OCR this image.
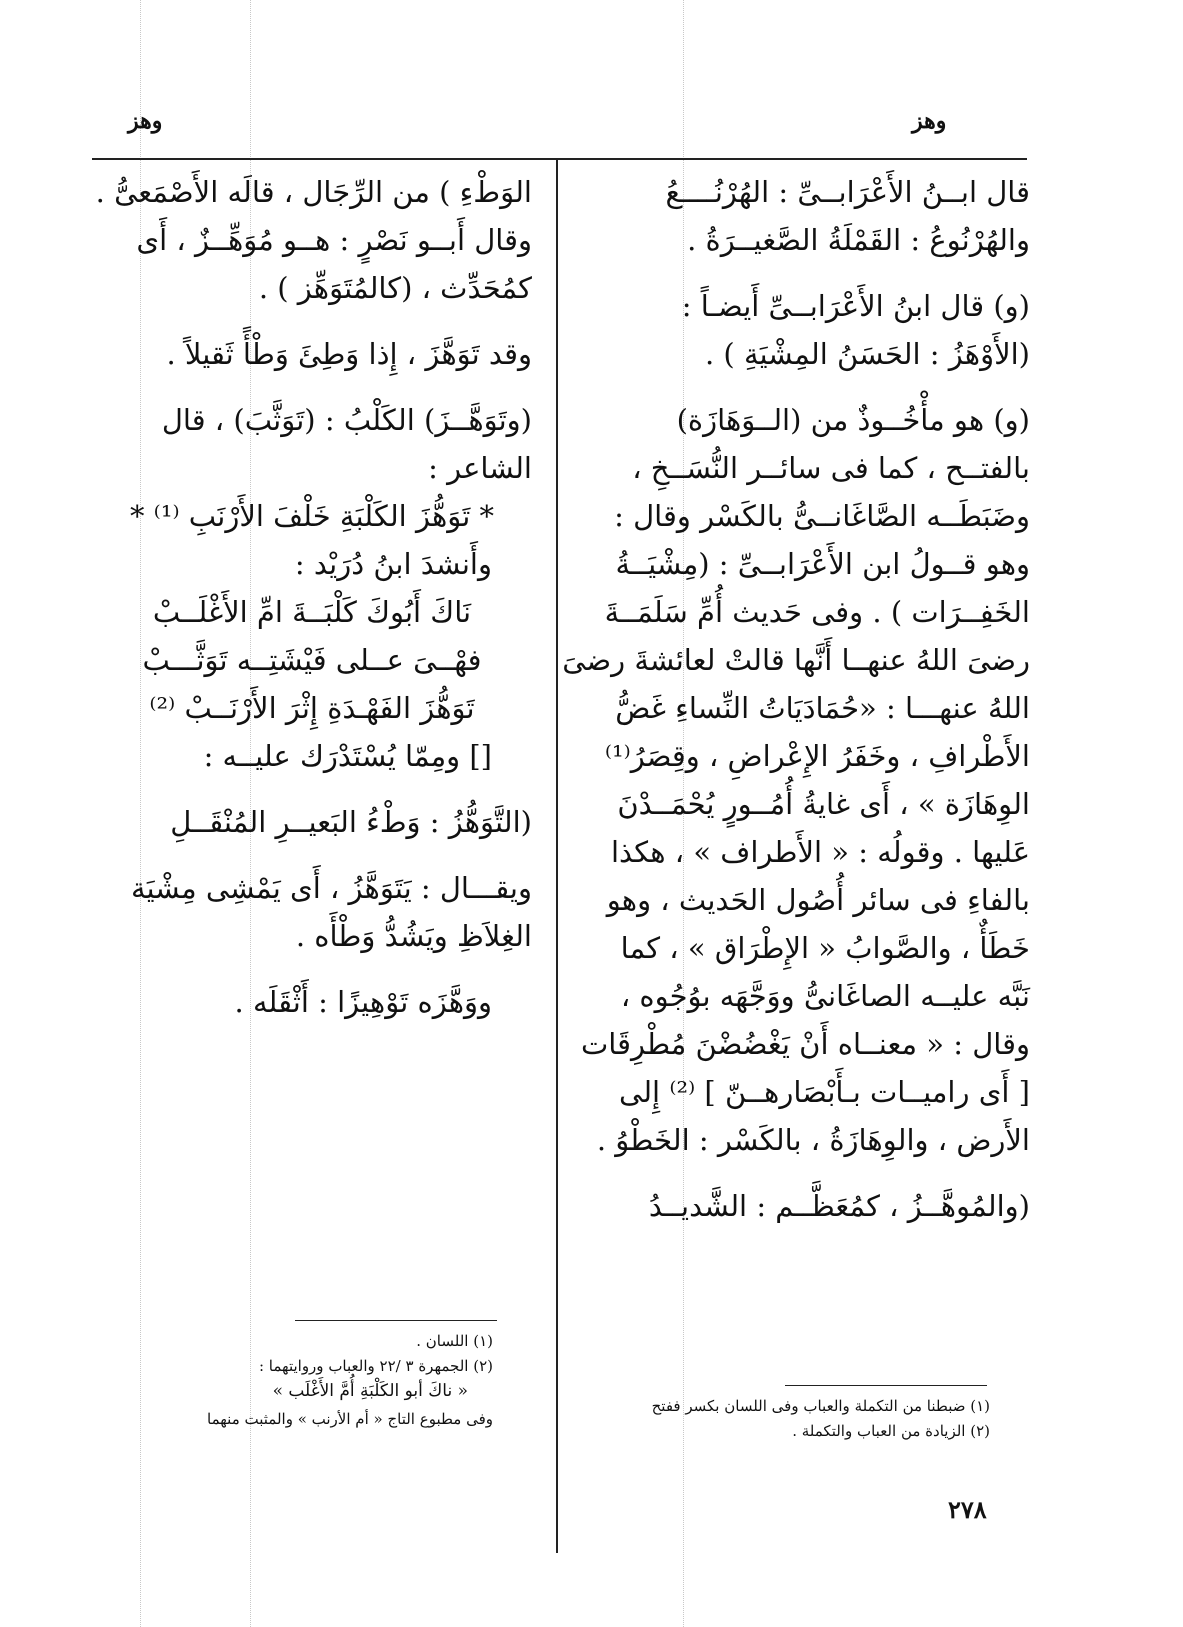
وهز
وهز

قال ابــنُ الأَعْرَابــىِّ : الهُرْنُــــعُ

والهُرْنُوعُ : القَمْلَةُ الصَّغيــرَةُ .

(و) قال ابنُ الأَعْرَابــىِّ أَيضـاً :

(الأَوْهَزُ : الحَسَنُ المِشْيَةِ ) .

(و) هو مأْخُــوذٌ من (الــوَهَازَة)

بالفتــح ، كما فى سائــر النُّسَــخِ ،

وضَبَطَــه الصَّاغَانــىُّ بالكَسْر وقال :

وهو قــولُ ابن الأَعْرَابــىِّ : (مِشْيَــةُ

الخَفِــرَات ) . وفى حَديث أُمِّ سَلَمَــةَ

رضىَ اللهُ عنهــا أَنَّها قالتْ لعائشةَ رضىَ

اللهُ عنهـــا : «حُمَادَيَاتُ النِّساءِ غَضُّ

الأَطْرافِ ، وخَفَرُ الإِعْراضِ ، وقِصَرُ⁽¹⁾

الوِهَازَة » ، أَى غايةُ أُمُــورٍ يُحْمَــدْنَ

عَليها . وقولُه : « الأَطراف » ، هكذا

بالفاءِ فى سائر أُصُول الحَديث ، وهو

خَطَأٌ ، والصَّوابُ « الإِطْرَاق » ، كما

نَبَّه عليــه الصاغَانىُّ ووَجَّهَه بوُجُوه ،

وقال : « معنــاه أَنْ يَغْضُضْنَ مُطْرِقَات

[ أَى راميــات بـأَبْصَارهــنّ ] ⁽²⁾ إِلى

الأَرض ، والوِهَازَةُ ، بالكَسْر : الخَطْوُ .

(والمُوهَّــزُ ، كمُعَظَّــم : الشَّديــدُ

الوَطْءِ ) من الرِّجَال ، قالَه الأَصْمَعىُّ .

وقال أَبــو نَصْرٍ : هــو مُوَهِّــزٌ ، أَى

كمُحَدِّث ، (كالمُتَوَهِّز ) .

وقد تَوَهَّزَ ، إِذا وَطِئَ وَطْأً ثَقيلاً .

(وتَوَهَّــزَ) الكَلْبُ : (تَوَثَّبَ) ، قال

الشاعر :

* تَوَهُّزَ الكَلْبَةِ خَلْفَ الأَرْنَبِ ⁽¹⁾ *

وأَنشدَ ابنُ دُرَيْد :

نَاكَ أَبُوكَ كَلْبَــةَ امِّ الأَغْلَــبْ

فهْــىَ عــلى فَيْشَتِــه تَوَثَّـــبْ

تَوَهُّزَ الفَهْـدَةِ إِثْرَ الأَرْنَــبْ ⁽²⁾

[] ومِمّا يُسْتَدْرَك عليــه :

(التَّوَهُّزُ : وَطْءُ البَعيــرِ المُنْقَــلِ

ويقـــال : يَتَوَهَّزُ ، أَى يَمْشِى مِشْيَة

الغِلاَظِ ويَشُدُّ وَطْأَه .

ووَهَّزَه تَوْهِيزًا : أَثْقَلَه .

(١) اللسان .
(٢) الجمهرة ٣ /٢٢ والعباب وروايتهما :
« ناكَ أبو الكَلْبَةِ أُمَّ الأَغْلَب »
وفى مطبوع التاج « أم الأرنب » والمثبت منهما
(١) ضبطنا من التكملة والعباب وفى اللسان بكسر ففتح
(٢) الزيادة من العباب والتكملة .
٢٧٨
